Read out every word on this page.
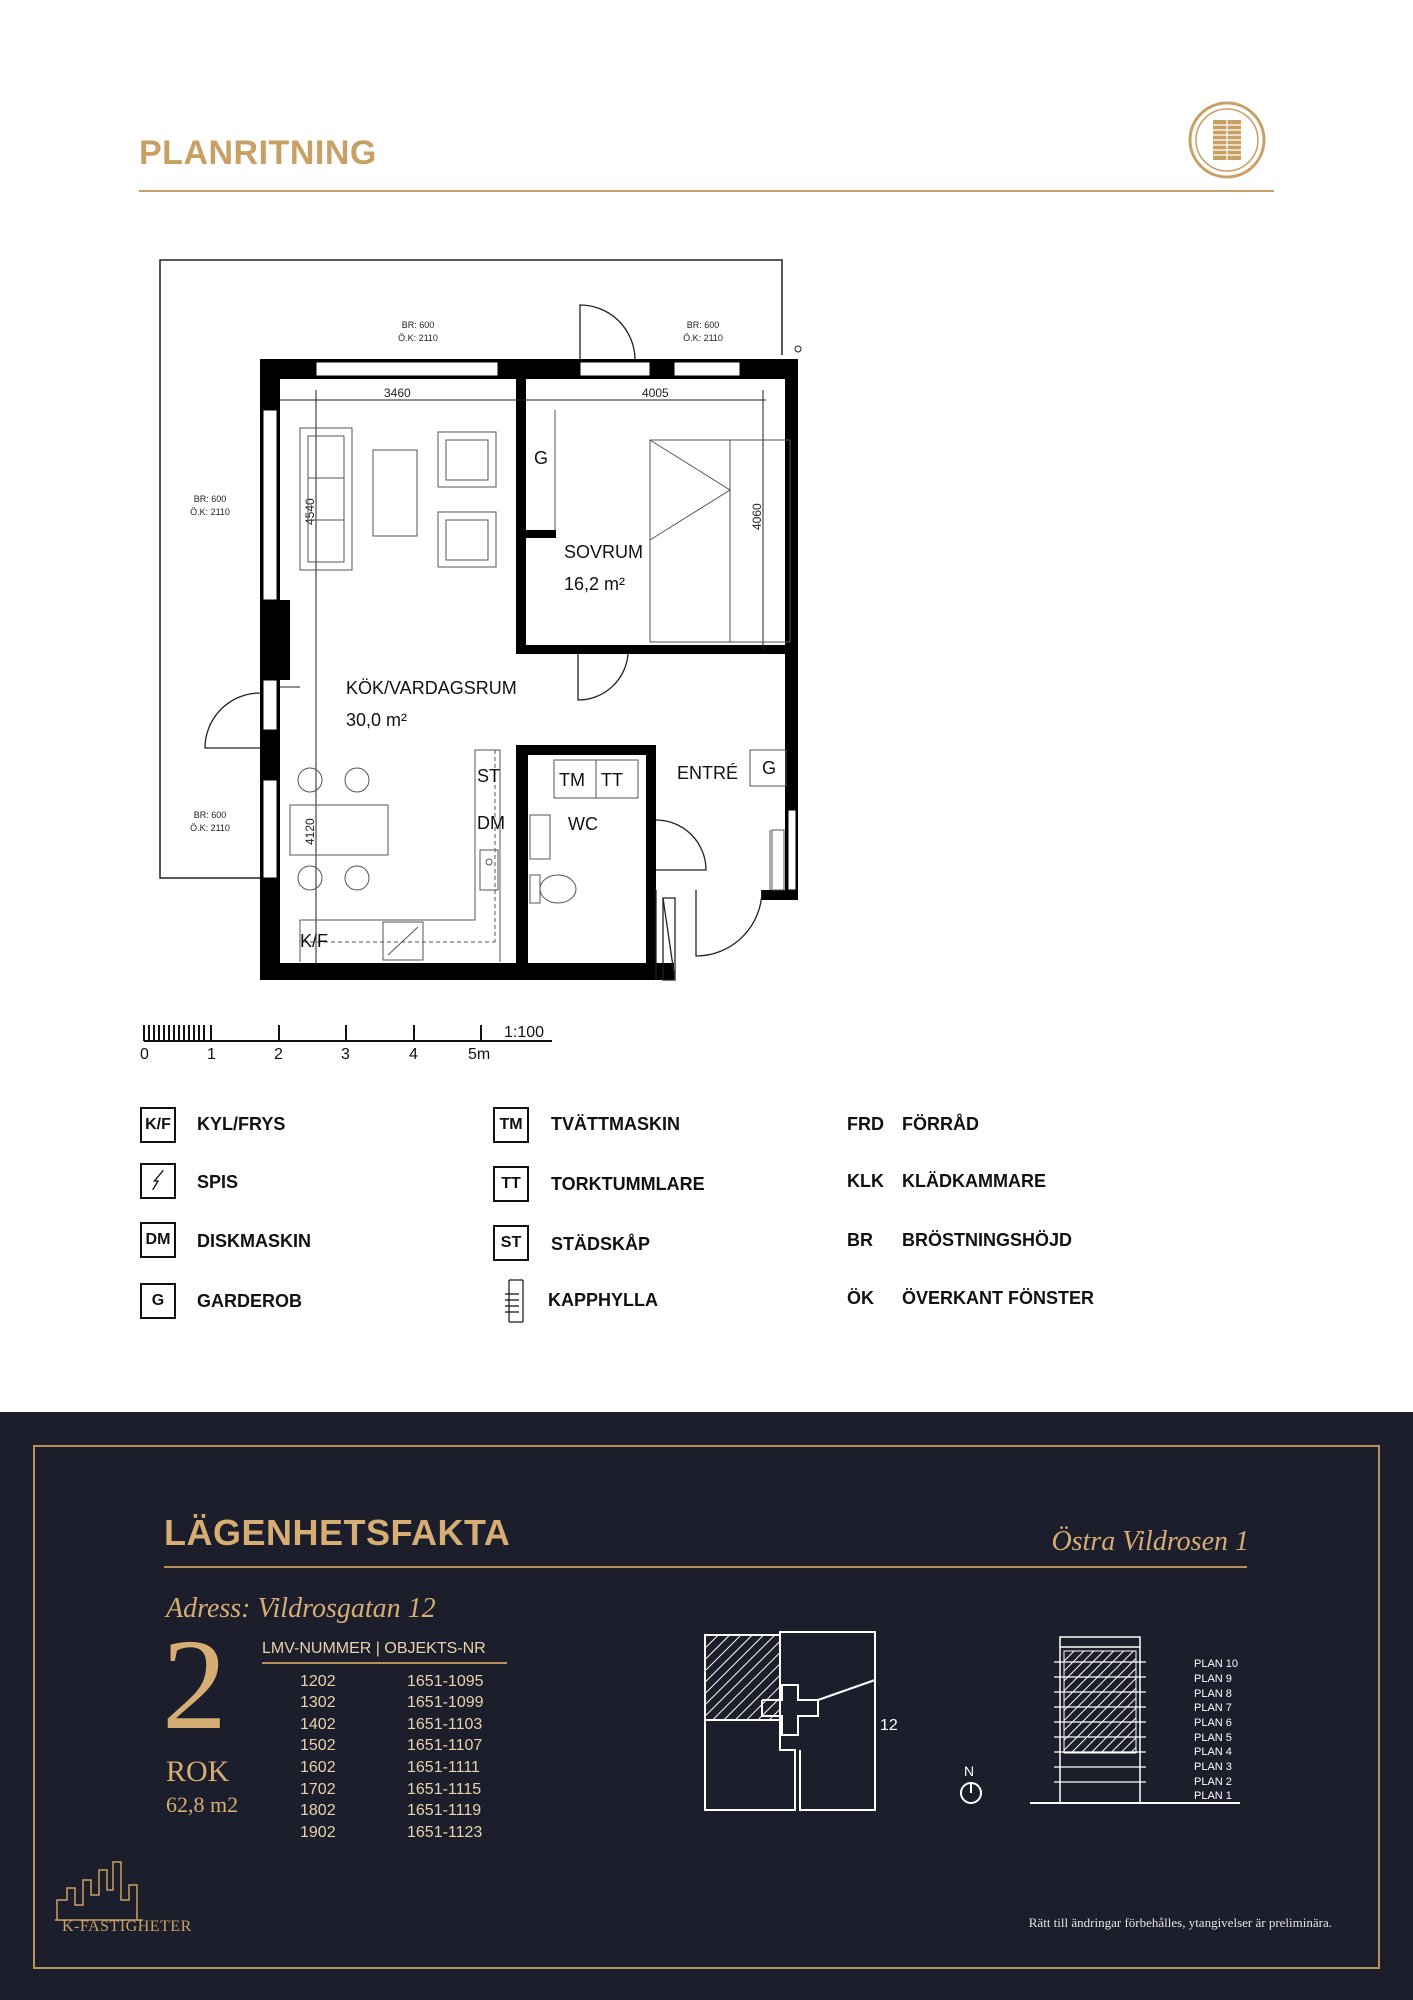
PLANRITNING
BR: 600
Ö.K: 2110
BR: 600
Ö.K: 2110
BR: 600
Ö.K: 2110
BR: 600
Ö.K: 2110
3460	4005
4540	4060
4120
KÖK/VARDAGSRUM
30,0 m²
SOVRUM
16,2 m²
ENTRÉ
WC
G
G
ST
DM
TM TT
K/F
0	1	2	3	4	5m
1:100
K/F KYL/FRYS
SPIS
DM	DISKMASKIN
G	GARDEROB
TM	TVÄTTMASKIN
TT	TORKTUMMLARE
ST	STÄDSKÅP
KAPPHYLLA
FRD FÖRRÅD
KLK KLÄDKAMMARE
BR BRÖSTNINGSHÖJD
ÖK ÖVERKANT FÖNSTER
LÄGENHETSFAKTA	Östra Vildrosen 1
Adress: Vildrosgatan 12
2
ROK
62,8 m2
LMV-NUMMER | OBJEKTS-NR
1202	1651-1095
1302	1651-1099
1402	1651-1103
1502	1651-1107
1602	1651-1111
1702	1651-1115
1802	1651-1119
1902	1651-1123
12
N
PLAN 10
PLAN 9
PLAN 8
PLAN 7
PLAN 6
PLAN 5
PLAN 4
PLAN 3
PLAN 2
PLAN 1
Rätt till ändringar förbehålles, ytangivelser är preliminära.
K-FASTIGHETER
